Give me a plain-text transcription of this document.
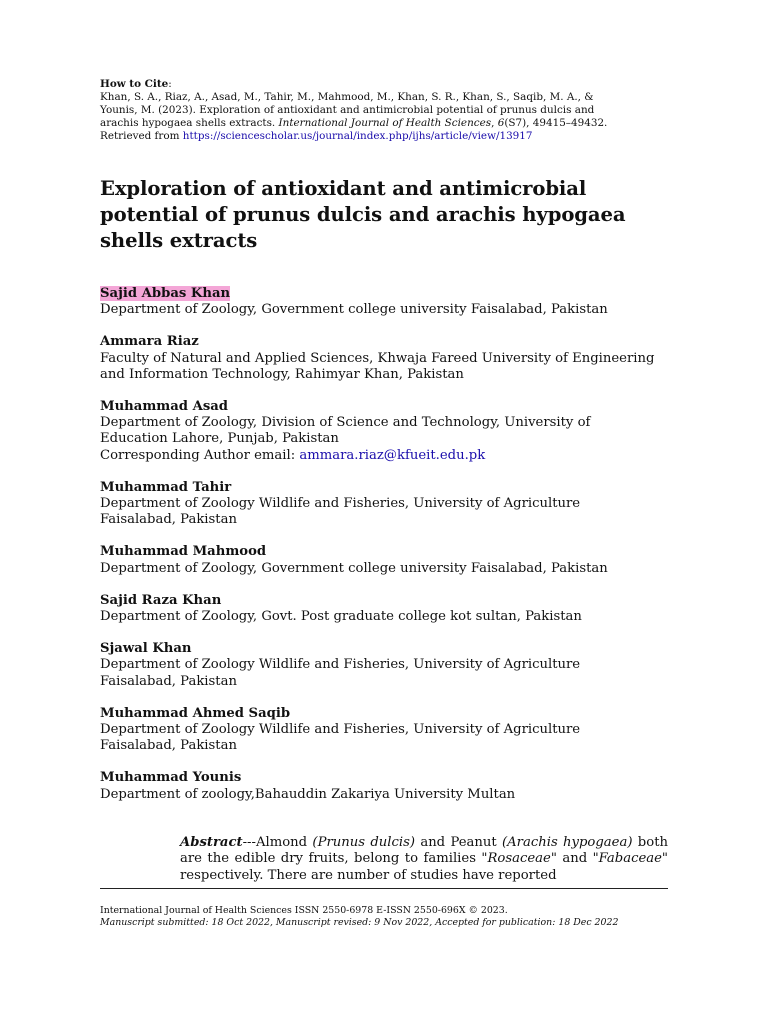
How to Cite:

Khan, S. A., Riaz, A., Asad, M., Tahir, M., Mahmood, M., Khan, S. R., Khan, S., Saqib, M. A., &

Younis, M. (2023). Exploration of antioxidant and antimicrobial potential of prunus dulcis and

arachis hypogaea shells extracts. International Journal of Health Sciences, 6(S7), 49415–49432.

Retrieved from https://sciencescholar.us/journal/index.php/ijhs/article/view/13917

Exploration of antioxidant and antimicrobial potential of prunus dulcis and arachis hypogaea shells extracts
Sajid Abbas Khan
Department of Zoology, Government college university Faisalabad, Pakistan
Ammara Riaz
Faculty of Natural and Applied Sciences, Khwaja Fareed University of Engineering
and Information Technology, Rahimyar Khan, Pakistan
Muhammad Asad
Department of Zoology, Division of Science and Technology, University of
Education Lahore, Punjab, Pakistan
Corresponding Author email: ammara.riaz@kfueit.edu.pk
Muhammad Tahir
Department of Zoology Wildlife and Fisheries, University of Agriculture
Faisalabad, Pakistan
Muhammad Mahmood
Department of Zoology, Government college university Faisalabad, Pakistan
Sajid Raza Khan
Department of Zoology, Govt. Post graduate college kot sultan, Pakistan
Sjawal Khan
Department of Zoology Wildlife and Fisheries, University of Agriculture
Faisalabad, Pakistan
Muhammad Ahmed Saqib
Department of Zoology Wildlife and Fisheries, University of Agriculture
Faisalabad, Pakistan
Muhammad Younis
Department of zoology,Bahauddin Zakariya University Multan

Abstract---Almond (Prunus dulcis) and Peanut (Arachis hypogaea) both are the edible dry fruits, belong to families "Rosaceae" and "Fabaceae" respectively. There are number of studies have reported

International Journal of Health Sciences ISSN 2550-6978 E-ISSN 2550-696X © 2023.

Manuscript submitted: 18 Oct 2022, Manuscript revised: 9 Nov 2022, Accepted for publication: 18 Dec 2022
